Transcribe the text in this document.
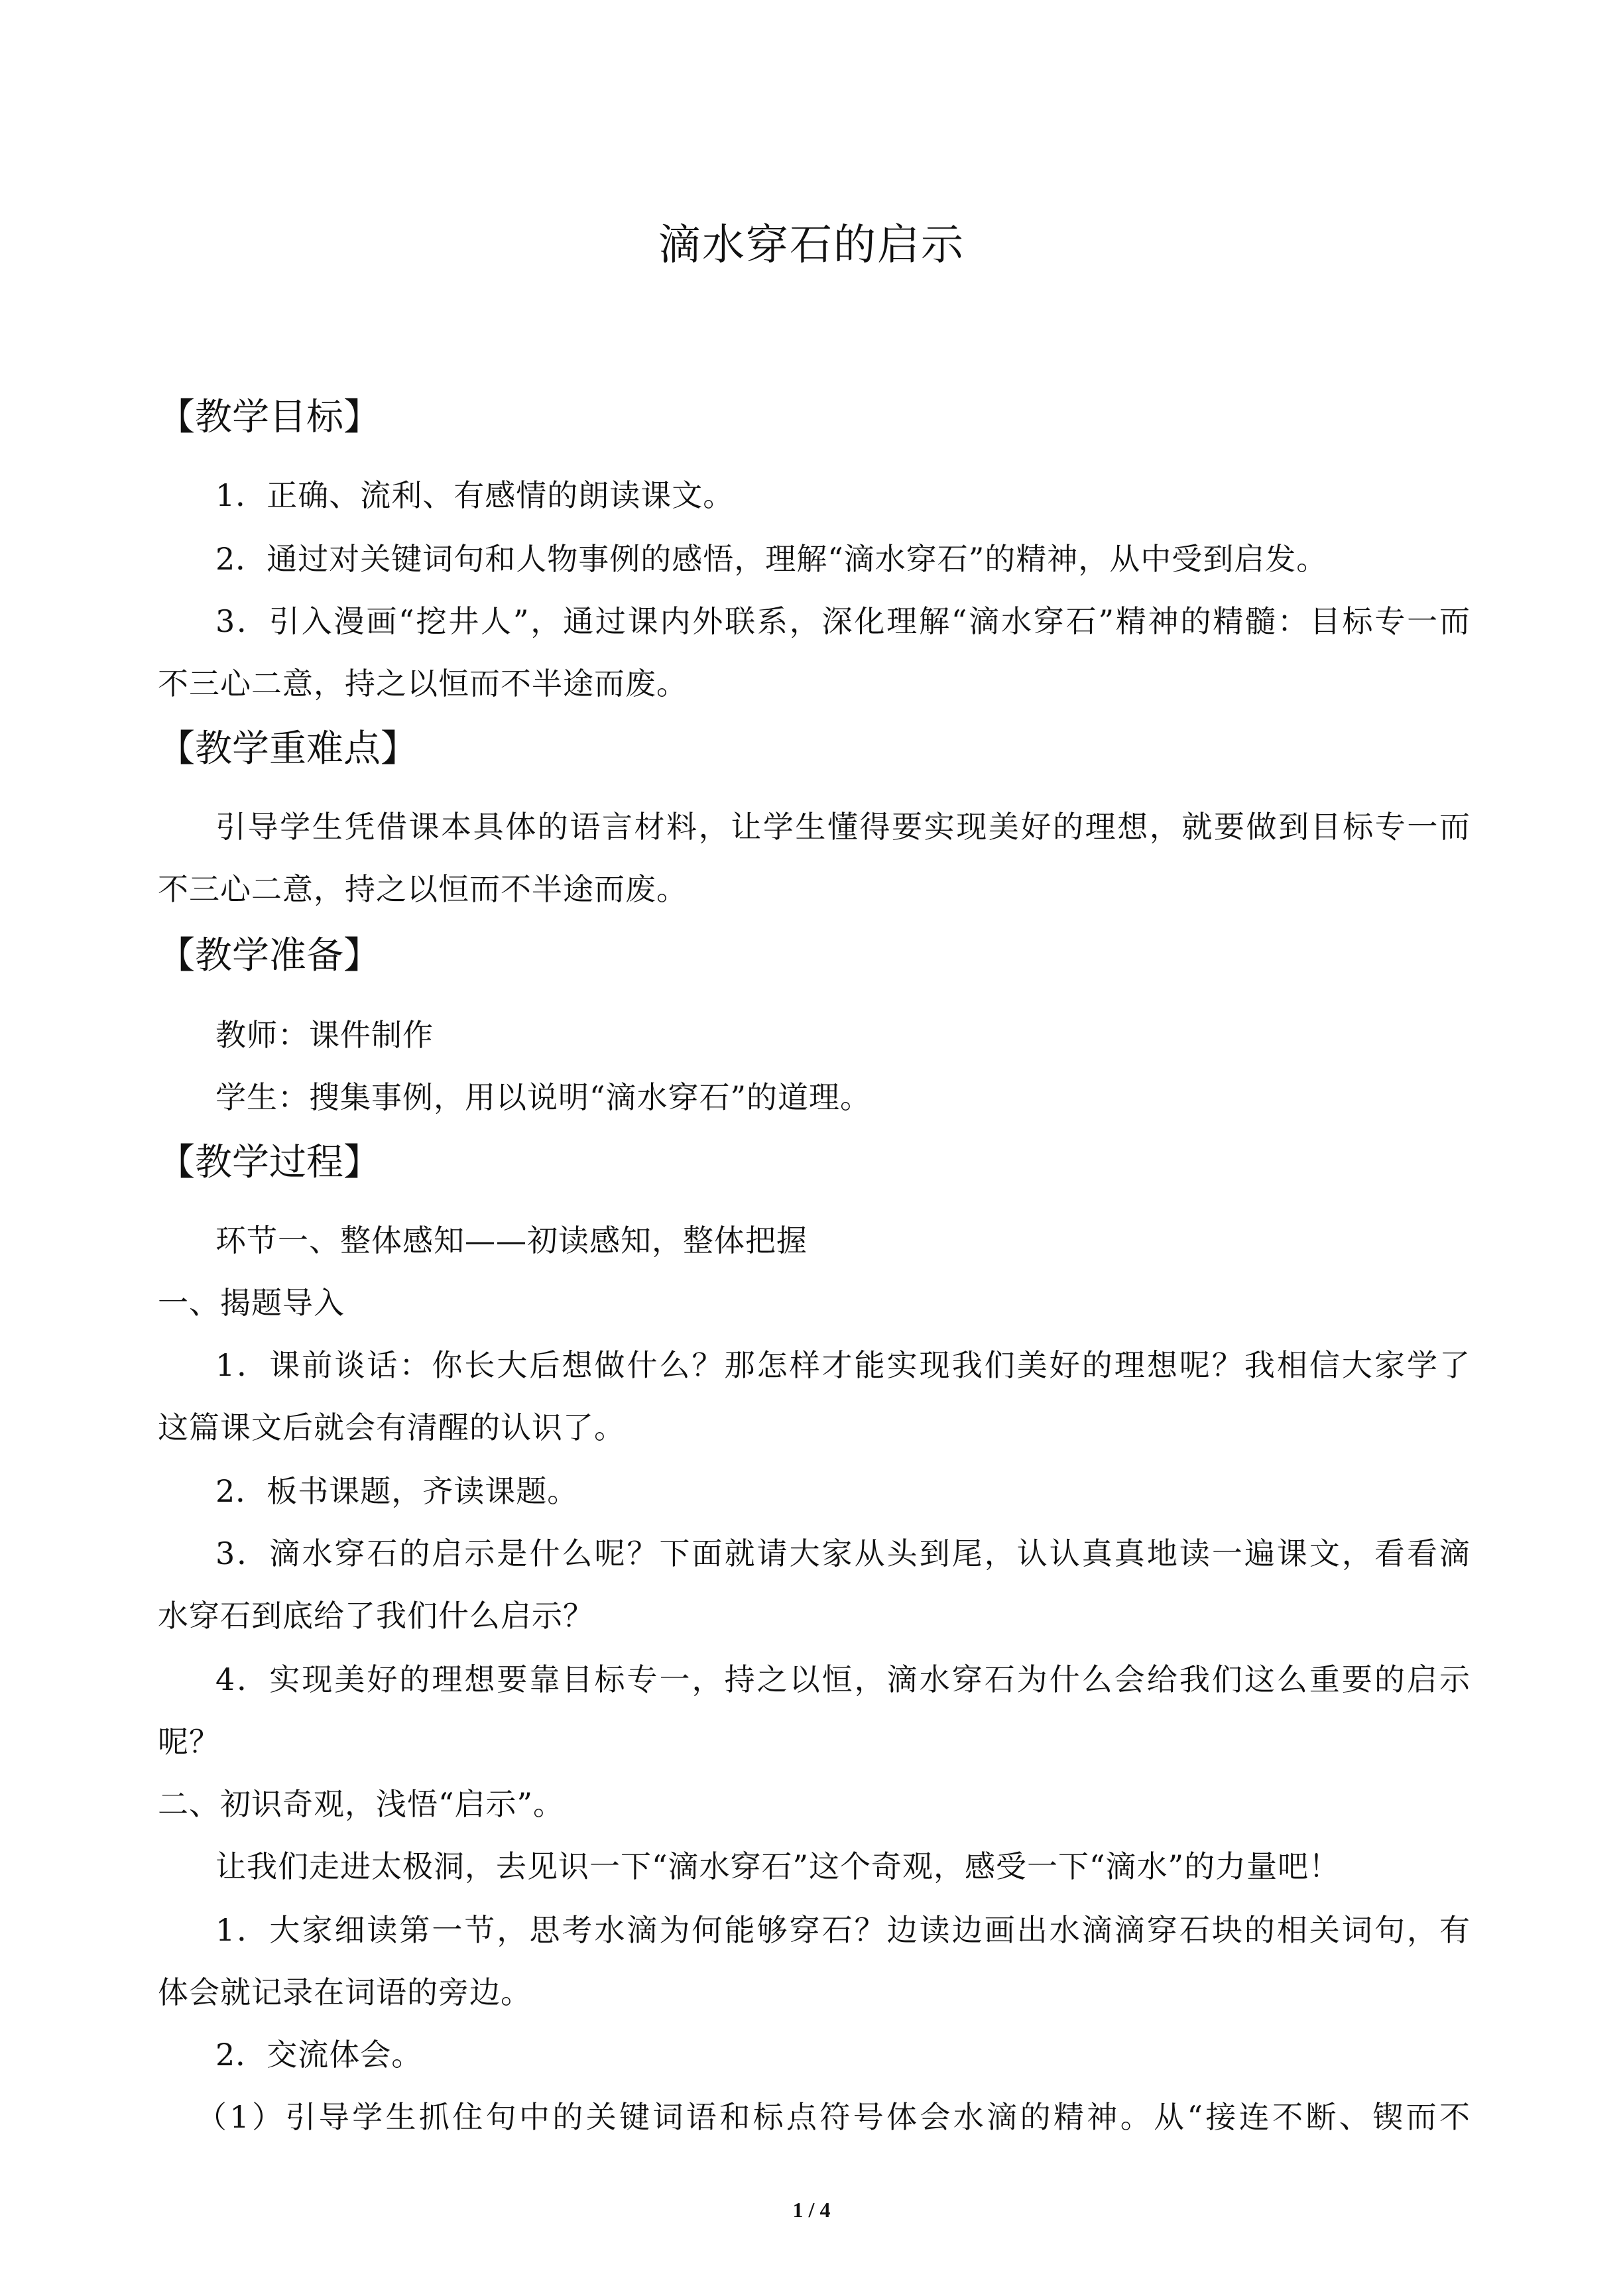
滴水穿石的启示
【教学目标】
1．正确、流利、有感情的朗读课文。
2．通过对关键词句和人物事例的感悟，理解“滴水穿石”的精神，从中受到启发。
3．引入漫画“挖井人”，通过课内外联系，深化理解“滴水穿石”精神的精髓：目标专一而
不三心二意，持之以恒而不半途而废。
【教学重难点】
引导学生凭借课本具体的语言材料，让学生懂得要实现美好的理想，就要做到目标专一而
不三心二意，持之以恒而不半途而废。
【教学准备】
教师：课件制作
学生：搜集事例，用以说明“滴水穿石”的道理。
【教学过程】
环节一、整体感知——初读感知，整体把握
一、揭题导入
1．课前谈话：你长大后想做什么？那怎样才能实现我们美好的理想呢？我相信大家学了
这篇课文后就会有清醒的认识了。
2．板书课题，齐读课题。
3．滴水穿石的启示是什么呢？下面就请大家从头到尾，认认真真地读一遍课文，看看滴
水穿石到底给了我们什么启示？
4．实现美好的理想要靠目标专一，持之以恒，滴水穿石为什么会给我们这么重要的启示
呢？
二、初识奇观，浅悟“启示”。
让我们走进太极洞，去见识一下“滴水穿石”这个奇观，感受一下“滴水”的力量吧！
1．大家细读第一节，思考水滴为何能够穿石？边读边画出水滴滴穿石块的相关词句，有
体会就记录在词语的旁边。
2．交流体会。
（1）引导学生抓住句中的关键词语和标点符号体会水滴的精神。从“接连不断、锲而不
1 / 4
